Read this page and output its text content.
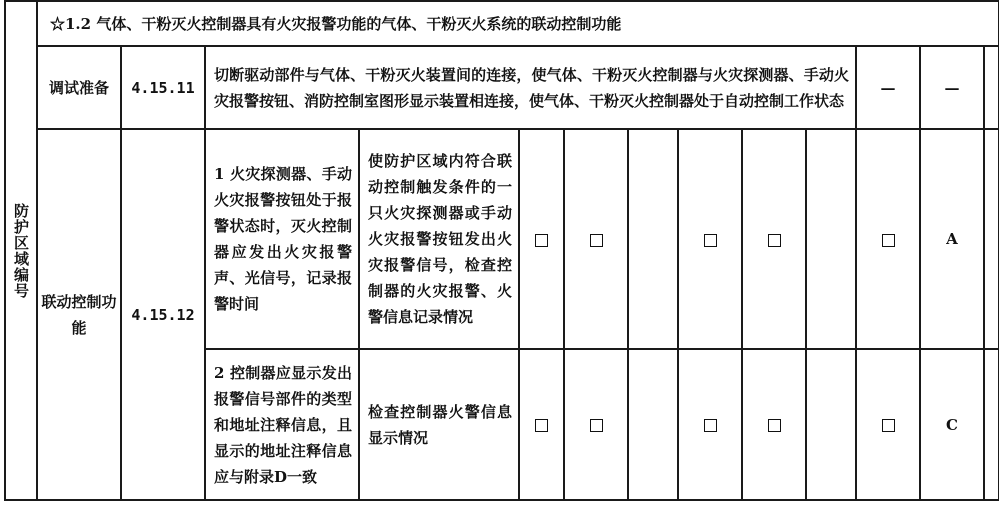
防护区域编号	☆1.2 气体、干粉灭火控制器具有火灾报警功能的气体、干粉灭火系统的联动控制功能												
	调试准备	4.15.11	切断驱动部件与气体、干粉灭火装置间的连接，使气体、干粉灭火控制器与火灾探测器、手动火灾报警按钮、消防控制室图形显示装置相连接，使气体、干粉灭火控制器处于自动控制工作状态								—	—	
	联动控制功能	4.15.12	1 火灾探测器、手动火灾报警按钮处于报警状态时，灭火控制器应发出火灾报警声、光信号，记录报警时间	使防护区域内符合联动控制触发条件的一只火灾探测器或手动火灾报警按钮发出火灾报警信号，检查控制器的火灾报警、火警信息记录情况								A	
			2 控制器应显示发出报警信号部件的类型和地址注释信息，且显示的地址注释信息应与附录D一致	检查控制器火警信息显示情况								C	
